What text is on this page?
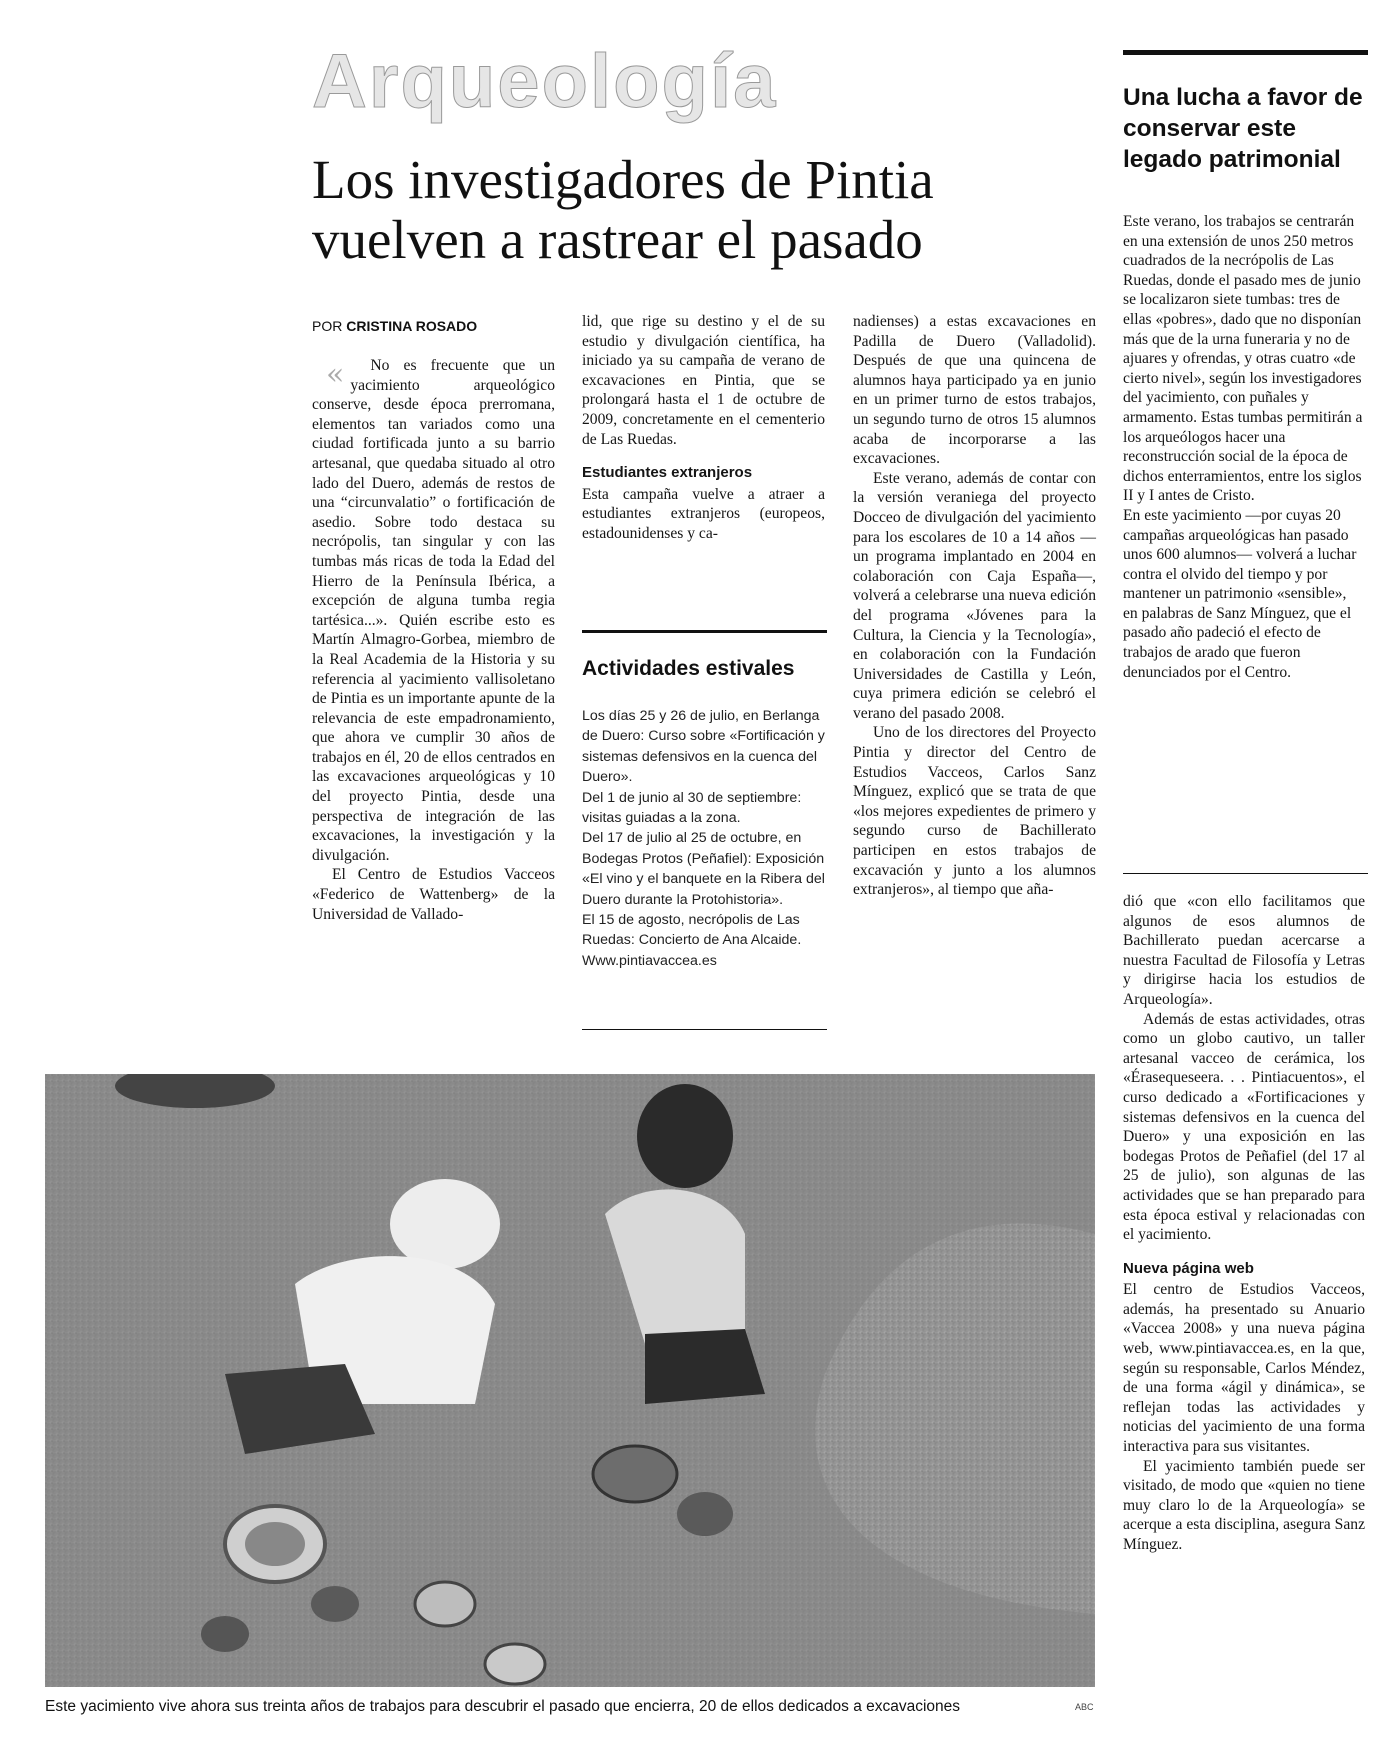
Arqueología
Los investigadores de Pintia
vuelven a rastrear el pasado
POR CRISTINA ROSADO

« No es frecuente que un yacimiento arqueológico conserve, desde época prerromana, elementos tan variados como una ciudad fortificada junto a su barrio artesanal, que quedaba situado al otro lado del Duero, además de restos de una “circunvalatio” o fortificación de asedio. Sobre todo destaca su necrópolis, tan singular y con las tumbas más ricas de toda la Edad del Hierro de la Península Ibérica, a excepción de alguna tumba regia tartésica...». Quién escribe esto es Martín Almagro-Gorbea, miembro de la Real Academia de la Historia y su referencia al yacimiento vallisoletano de Pintia es un importante apunte de la relevancia de este empadronamiento, que ahora ve cumplir 30 años de trabajos en él, 20 de ellos centrados en las excavaciones arqueológicas y 10 del proyecto Pintia, desde una perspectiva de integración de las excavaciones, la investigación y la divulgación.

El Centro de Estudios Vacceos «Federico de Wattenberg» de la Universidad de Vallado-

lid, que rige su destino y el de su estudio y divulgación científica, ha iniciado ya su campaña de verano de excavaciones en Pintia, que se prolongará hasta el 1 de octubre de 2009, concretamente en el cementerio de Las Ruedas.

Estudiantes extranjeros

Esta campaña vuelve a atraer a estudiantes extranjeros (europeos, estadounidenses y ca-

Actividades estivales

Los días 25 y 26 de julio, en Berlanga de Duero: Curso sobre «Fortificación y sistemas defensivos en la cuenca del Duero».

Del 1 de junio al 30 de septiembre: visitas guiadas a la zona.

Del 17 de julio al 25 de octubre, en Bodegas Protos (Peñafiel): Exposición «El vino y el banquete en la Ribera del Duero durante la Protohistoria».

El 15 de agosto, necrópolis de Las Ruedas: Concierto de Ana Alcaide.

Www.pintiavaccea.es

nadienses) a estas excavaciones en Padilla de Duero (Valladolid). Después de que una quincena de alumnos haya participado ya en junio en un primer turno de estos trabajos, un segundo turno de otros 15 alumnos acaba de incorporarse a las excavaciones.

Este verano, además de contar con la versión veraniega del proyecto Docceo de divulgación del yacimiento para los escolares de 10 a 14 años —un programa implantado en 2004 en colaboración con Caja España—, volverá a celebrarse una nueva edición del programa «Jóvenes para la Cultura, la Ciencia y la Tecnología», en colaboración con la Fundación Universidades de Castilla y León, cuya primera edición se celebró el verano del pasado 2008.

Uno de los directores del Proyecto Pintia y director del Centro de Estudios Vacceos, Carlos Sanz Mínguez, explicó que se trata de que «los mejores expedientes de primero y segundo curso de Bachillerato participen en estos trabajos de excavación y junto a los alumnos extranjeros», al tiempo que aña-

Una lucha a favor de conservar este legado patrimonial

Este verano, los trabajos se centrarán en una extensión de unos 250 metros cuadrados de la necrópolis de Las Ruedas, donde el pasado mes de junio se localizaron siete tumbas: tres de ellas «pobres», dado que no disponían más que de la urna funeraria y no de ajuares y ofrendas, y otras cuatro «de cierto nivel», según los investigadores del yacimiento, con puñales y armamento. Estas tumbas permitirán a los arqueólogos hacer una reconstrucción social de la época de dichos enterramientos, entre los siglos II y I antes de Cristo.

En este yacimiento —por cuyas 20 campañas arqueológicas han pasado unos 600 alumnos— volverá a luchar contra el olvido del tiempo y por mantener un patrimonio «sensible», en palabras de Sanz Mínguez, que el pasado año padeció el efecto de trabajos de arado que fueron denunciados por el Centro.

dió que «con ello facilitamos que algunos de esos alumnos de Bachillerato puedan acercarse a nuestra Facultad de Filosofía y Letras y dirigirse hacia los estudios de Arqueología».

Además de estas actividades, otras como un globo cautivo, un taller artesanal vacceo de cerámica, los «Érasequeseera. . . Pintiacuentos», el curso dedicado a «Fortificaciones y sistemas defensivos en la cuenca del Duero» y una exposición en las bodegas Protos de Peñafiel (del 17 al 25 de julio), son algunas de las actividades que se han preparado para esta época estival y relacionadas con el yacimiento.

Nueva página web

El centro de Estudios Vacceos, además, ha presentado su Anuario «Vaccea 2008» y una nueva página web, www.pintiavaccea.es, en la que, según su responsable, Carlos Méndez, de una forma «ágil y dinámica», se reflejan todas las actividades y noticias del yacimiento de una forma interactiva para sus visitantes.

El yacimiento también puede ser visitado, de modo que «quien no tiene muy claro lo de la Arqueología» se acerque a esta disciplina, asegura Sanz Mínguez.

Este yacimiento vive ahora sus treinta años de trabajos para descubrir el pasado que encierra, 20 de ellos dedicados a excavaciones	ABC
